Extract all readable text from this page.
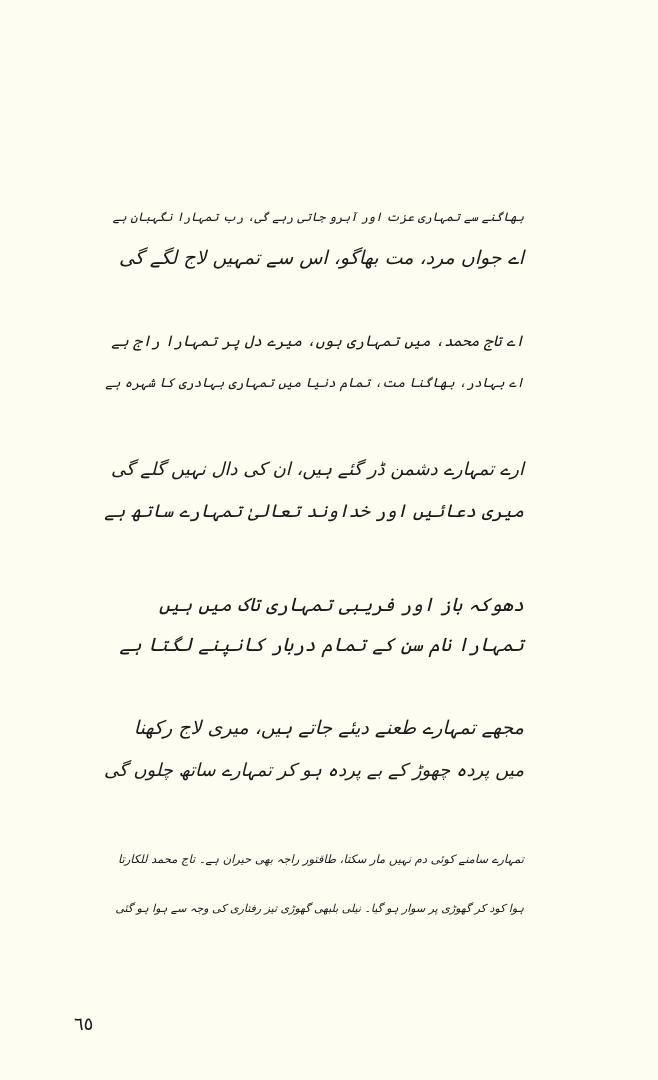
بھاگنے سے تمہاری عزت اور آبرو جاتی رہے گی، رب تمہارا نگہبان ہے
اے جواں مرد، مت بھاگو، اس سے تمہیں لاج لگے گی
اے تاج محمد، میں تمہاری ہوں، میرے دل پر تمہارا راج ہے
اے بہادر، بھاگنا مت، تمام دنیا میں تمہاری بہادری کا شہرہ ہے
ارے تمہارے دشمن ڈر گئے ہیں، ان کی دال نہیں گلے گی
میری دعائیں اور خداوند تعالیٰ تمہارے ساتھ ہے
دھوکہ باز اور فریبی تمہاری تاک میں ہیں
تمہارا نام سن کے تمام دربار کانپنے لگتا ہے
مجھے تمہارے طعنے دیئے جاتے ہیں، میری لاج رکھنا
میں پردہ چھوڑ کے بے پردہ ہو کر تمہارے ساتھ چلوں گی
تمہارے سامنے کوئی دم نہیں مار سکتا، طاقتور راجہ بھی حیران ہے۔ تاج محمد للکارتا
ہوا کود کر گھوڑی پر سوار ہو گیا۔ نیلی بلبھی گھوڑی تیز رفتاری کی وجہ سے ہوا ہو گئی
٦٥
